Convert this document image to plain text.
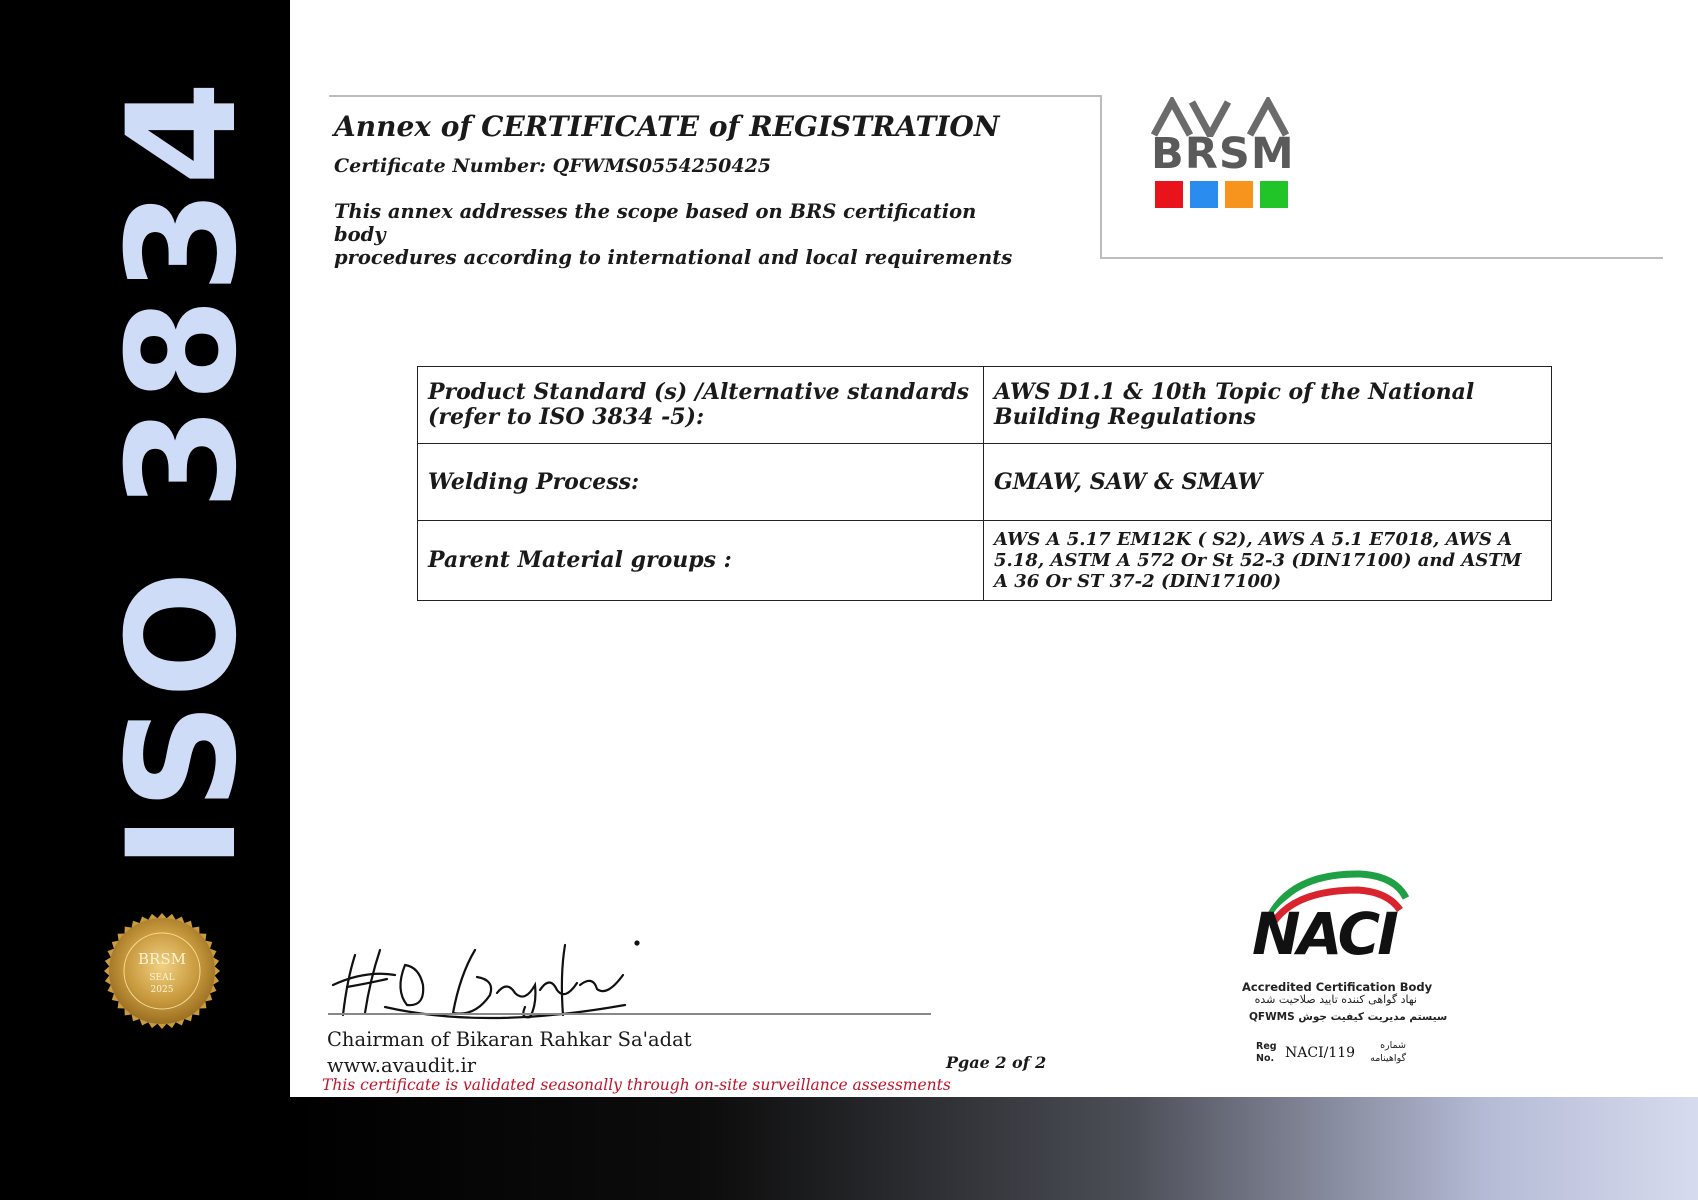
ISO 3834
BRSM
SEAL
2025
Annex of CERTIFICATE of REGISTRATION
Certificate Number: QFWMS0554250425
This annex addresses the scope based on BRS certification body
procedures according to international and local requirements
BRSM
Product Standard (s) /Alternative standards (refer to ISO 3834 -5):	AWS D1.1 & 10th Topic of the National Building Regulations
Welding Process:	GMAW, SAW & SMAW
Parent Material groups :	AWS A 5.17 EM12K ( S2), AWS A 5.1 E7018, AWS A 5.18, ASTM A 572 Or St 52-3 (DIN17100) and ASTM A 36 Or ST 37-2 (DIN17100)
Chairman of Bikaran Rahkar Sa'adat
www.avaudit.ir
This certificate is validated seasonally through on-site surveillance assessments
Pgae 2 of 2
NACI
Accredited Certification Body
نهاد گواهی کننده تایید صلاحیت شده
QFWMS سیستم مدیریت کیفیت جوش
Reg
No. NACI/119	شماره
گواهینامه
